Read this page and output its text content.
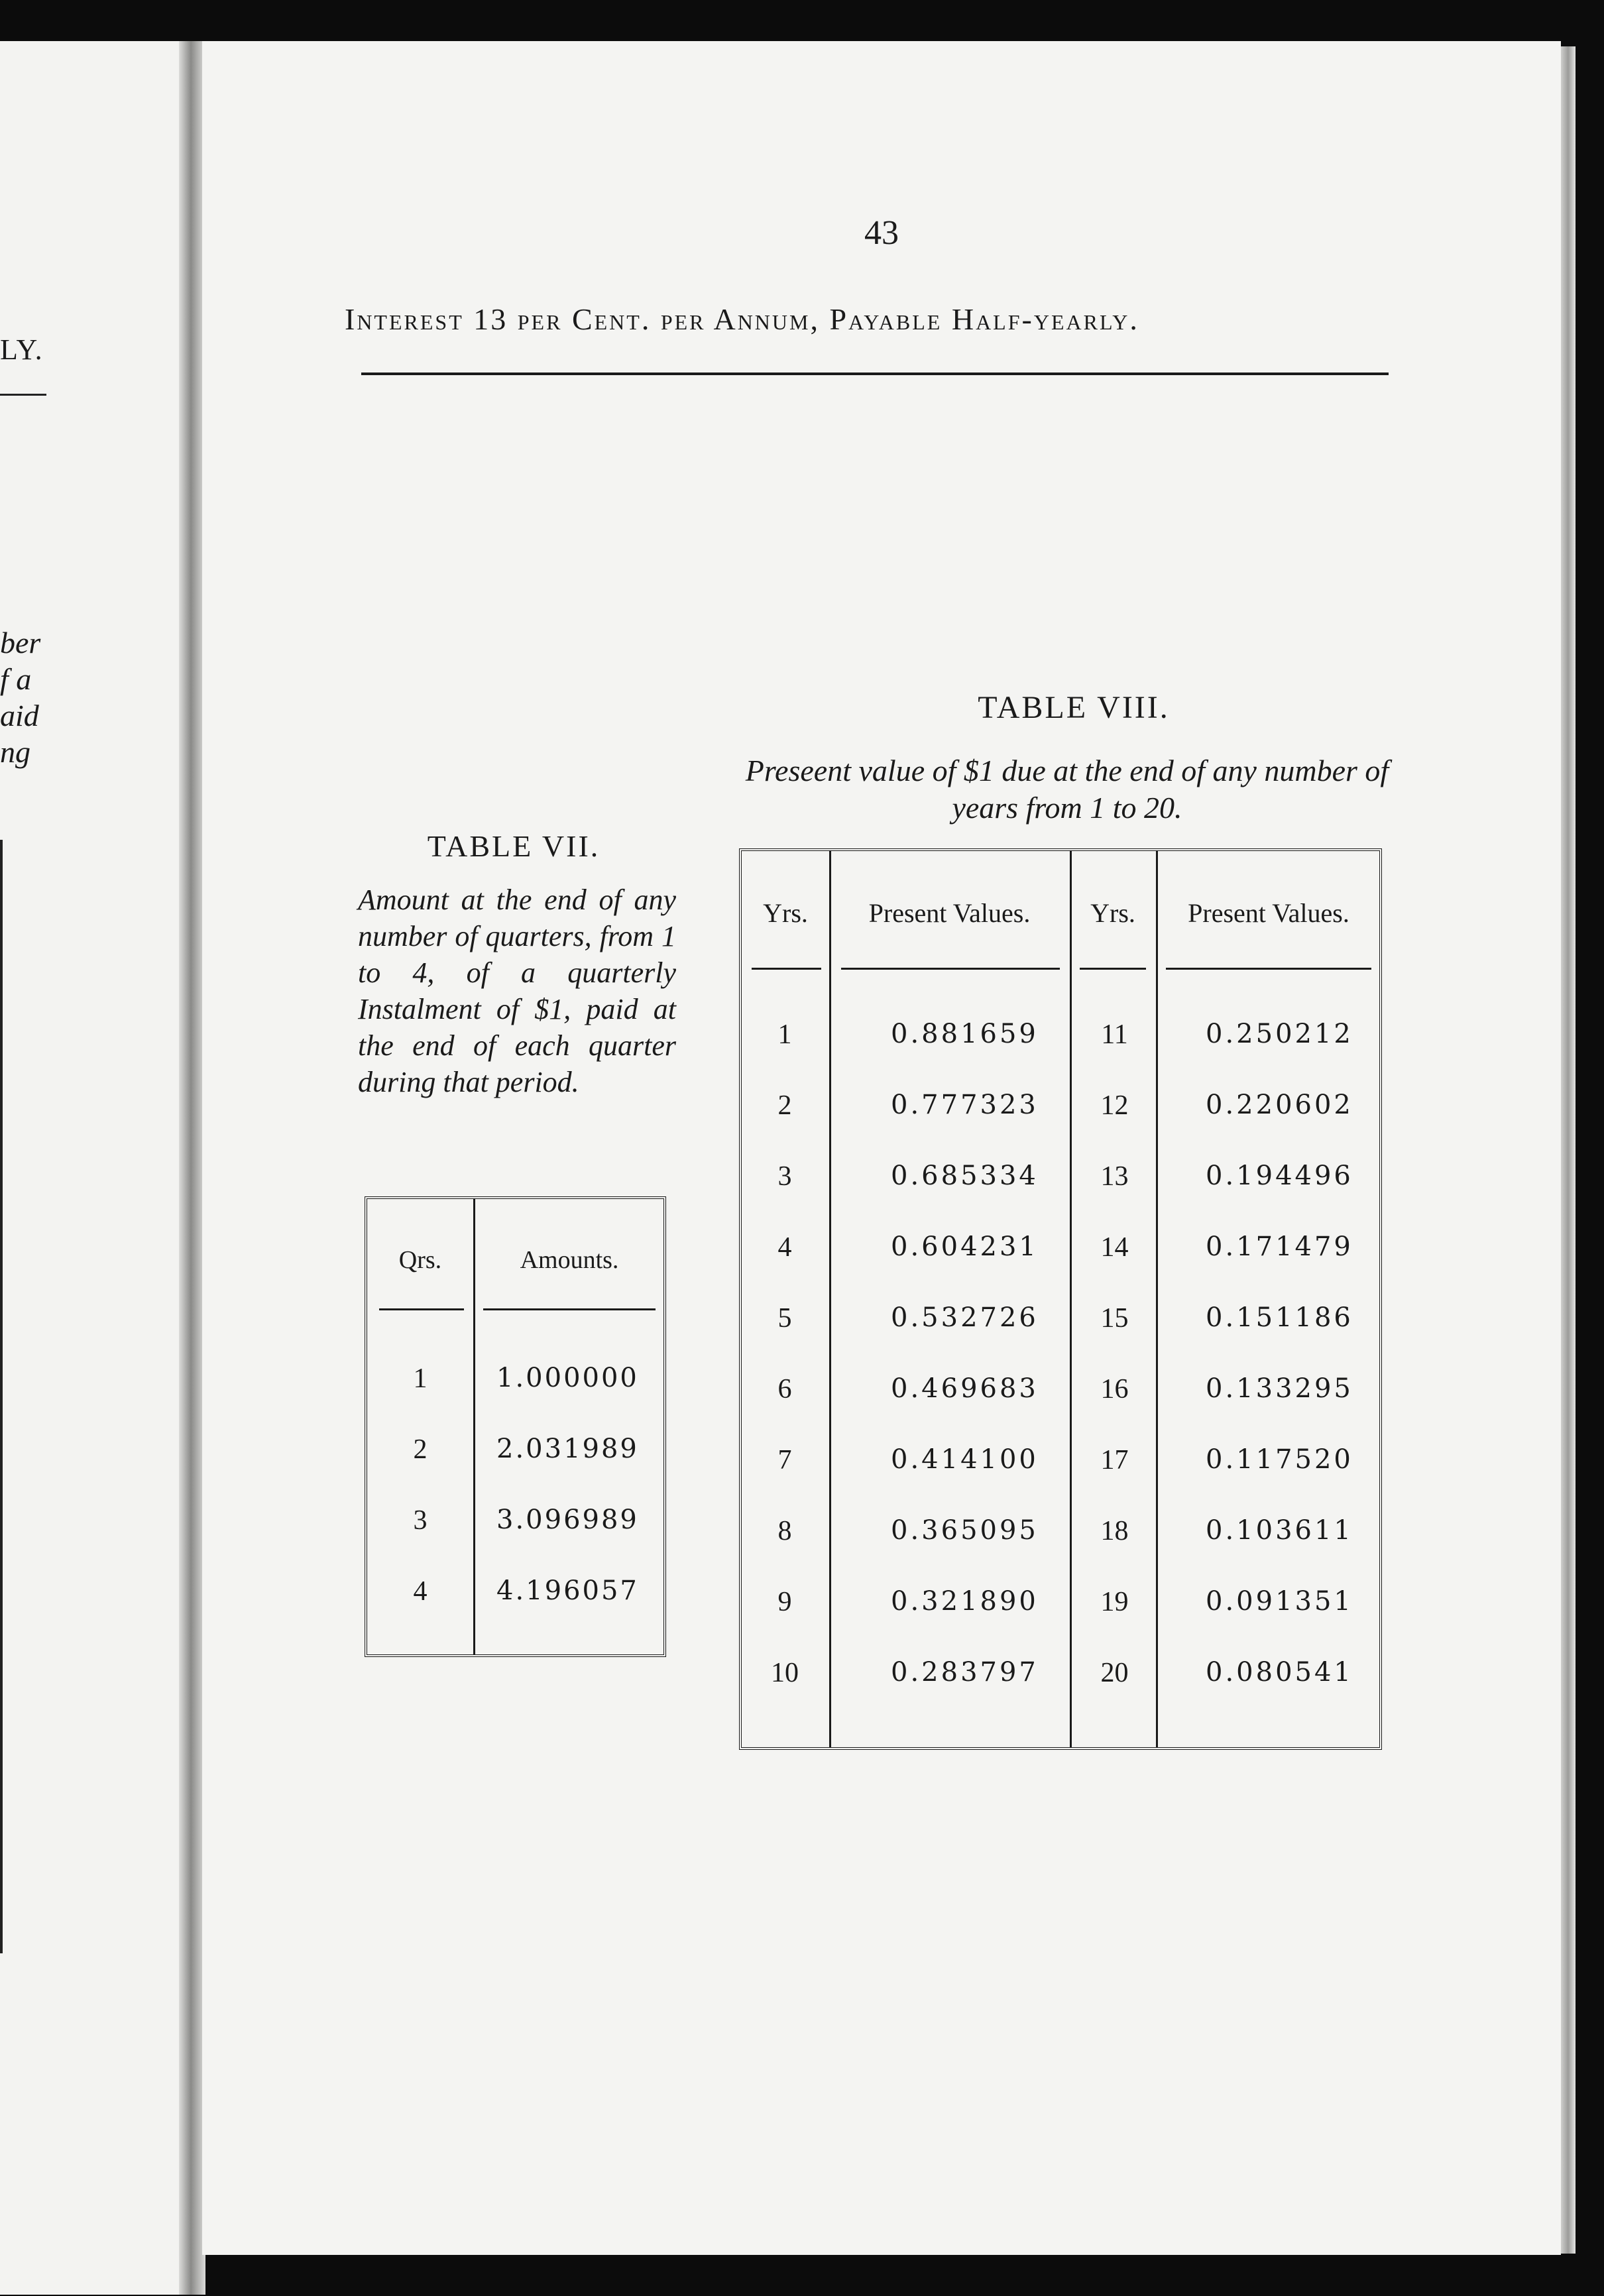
LY.
ber
f a
aid
ng
43
Interest 13 per Cent. per Annum, Payable Half-yearly.
TABLE VII.
Amount at the end of any number of quarters, from 1 to 4, of a quarterly Instalment of $1, paid at the end of each quarter during that period.
Qrs.	Amounts.
1	1.000000
2	2.031989
3	3.096989
4	4.196057
TABLE VIII.
Preseent value of $1 due at the end of any number of years from 1 to 20.
Yrs.	Present Values.	Yrs.	Present Values.
1	0.881659	11	0.250212
2	0.777323	12	0.220602
3	0.685334	13	0.194496
4	0.604231	14	0.171479
5	0.532726	15	0.151186
6	0.469683	16	0.133295
7	0.414100	17	0.117520
8	0.365095	18	0.103611
9	0.321890	19	0.091351
10	0.283797	20	0.080541
